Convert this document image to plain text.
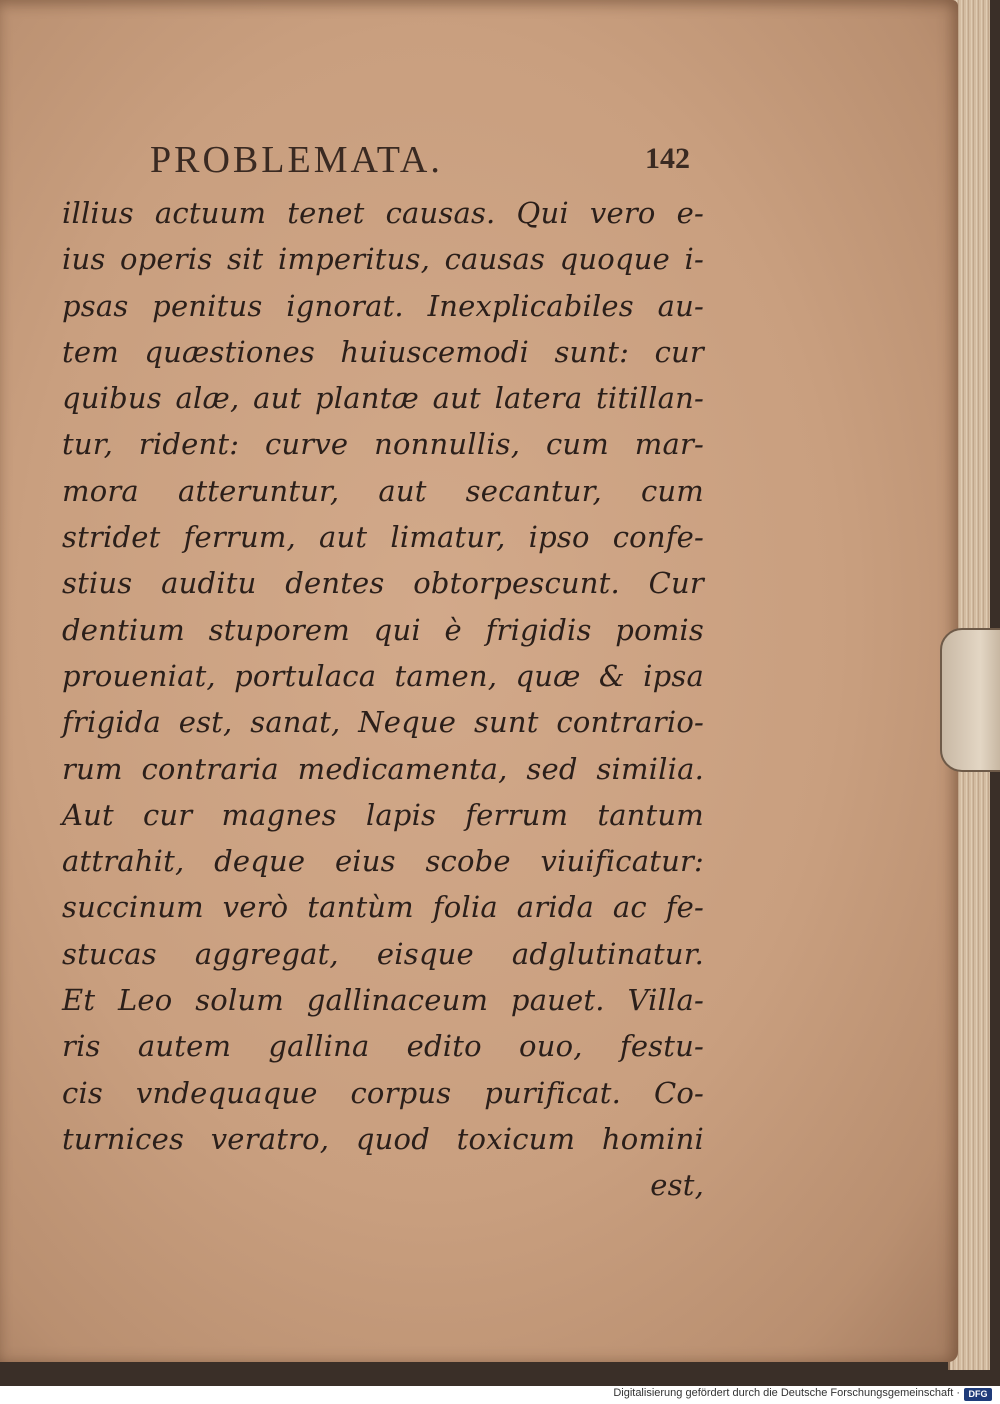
PROBLEMATA.	142
illius actuum tenet causas. Qui vero e-
ius operis sit imperitus, causas quoque i-
psas penitus ignorat. Inexplicabiles au-
tem quæstiones huiuscemodi sunt: cur
quibus alæ, aut plantæ aut latera titillan-
tur, rident: curve nonnullis, cum mar-
mora atteruntur, aut secantur, cum
stridet ferrum, aut limatur, ipso confe-
stius auditu dentes obtorpescunt. Cur
dentium stuporem qui è frigidis pomis
proueniat, portulaca tamen, quæ & ipsa
frigida est, sanat, Neque sunt contrario-
rum contraria medicamenta, sed similia.
Aut cur magnes lapis ferrum tantum
attrahit, deque eius scobe viuificatur:
succinum verò tantùm folia arida ac fe-
stucas aggregat, eisque adglutinatur.
Et Leo solum gallinaceum pauet. Villa-
ris autem gallina edito ouo, festu-
cis vndequaque corpus purificat. Co-
turnices veratro, quod toxicum homini
est,
Digitalisierung gefördert durch die Deutsche Forschungsgemeinschaft · DFG
